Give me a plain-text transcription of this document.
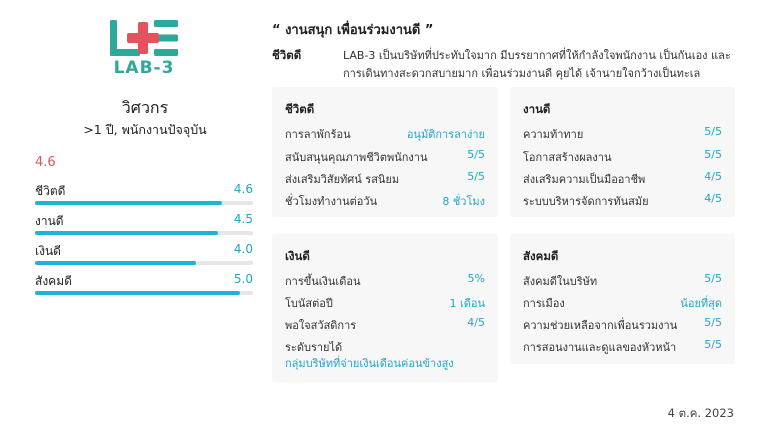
LAB-3
วิศวกร
>1 ปี, พนักงานปัจจุบัน
4.6
ชีวิตดี	4.6
งานดี	4.5
เงินดี	4.0
สังคมดี	5.0
“ งานสนุก เพื่อนร่วมงานดี ”
ชีวิตดี	LAB-3 เป็นบริษัทที่ประทับใจมาก มีบรรยากาศที่ให้กำลังใจพนักงาน เป็นกันเอง และการเดินทางสะดวกสบายมาก เพื่อนร่วมงานดี คุยได้ เจ้านายใจกว้างเป็นทะเล
ชีวิตดี
การลาพักร้อน	อนุมัติการลาง่าย
สนับสนุนคุณภาพชีวิตพนักงาน	5/5
ส่งเสริมวิสัยทัศน์ รสนิยม	5/5
ชั่วโมงทำงานต่อวัน	8 ชั่วโมง
งานดี
ความท้าทาย	5/5
โอกาสสร้างผลงาน	5/5
ส่งเสริมความเป็นมืออาชีพ	4/5
ระบบบริหารจัดการทันสมัย	4/5
เงินดี
การขึ้นเงินเดือน	5%
โบนัสต่อปี	1 เดือน
พอใจสวัสดิการ	4/5
ระดับรายได้
กลุ่มบริษัทที่จ่ายเงินเดือนค่อนข้างสูง
สังคมดี
สังคมดีในบริษัท	5/5
การเมือง	น้อยที่สุด
ความช่วยเหลือจากเพื่อนรวมงาน 5/5
การสอนงานและดูแลของหัวหน้า	5/5
4 ต.ค. 2023
